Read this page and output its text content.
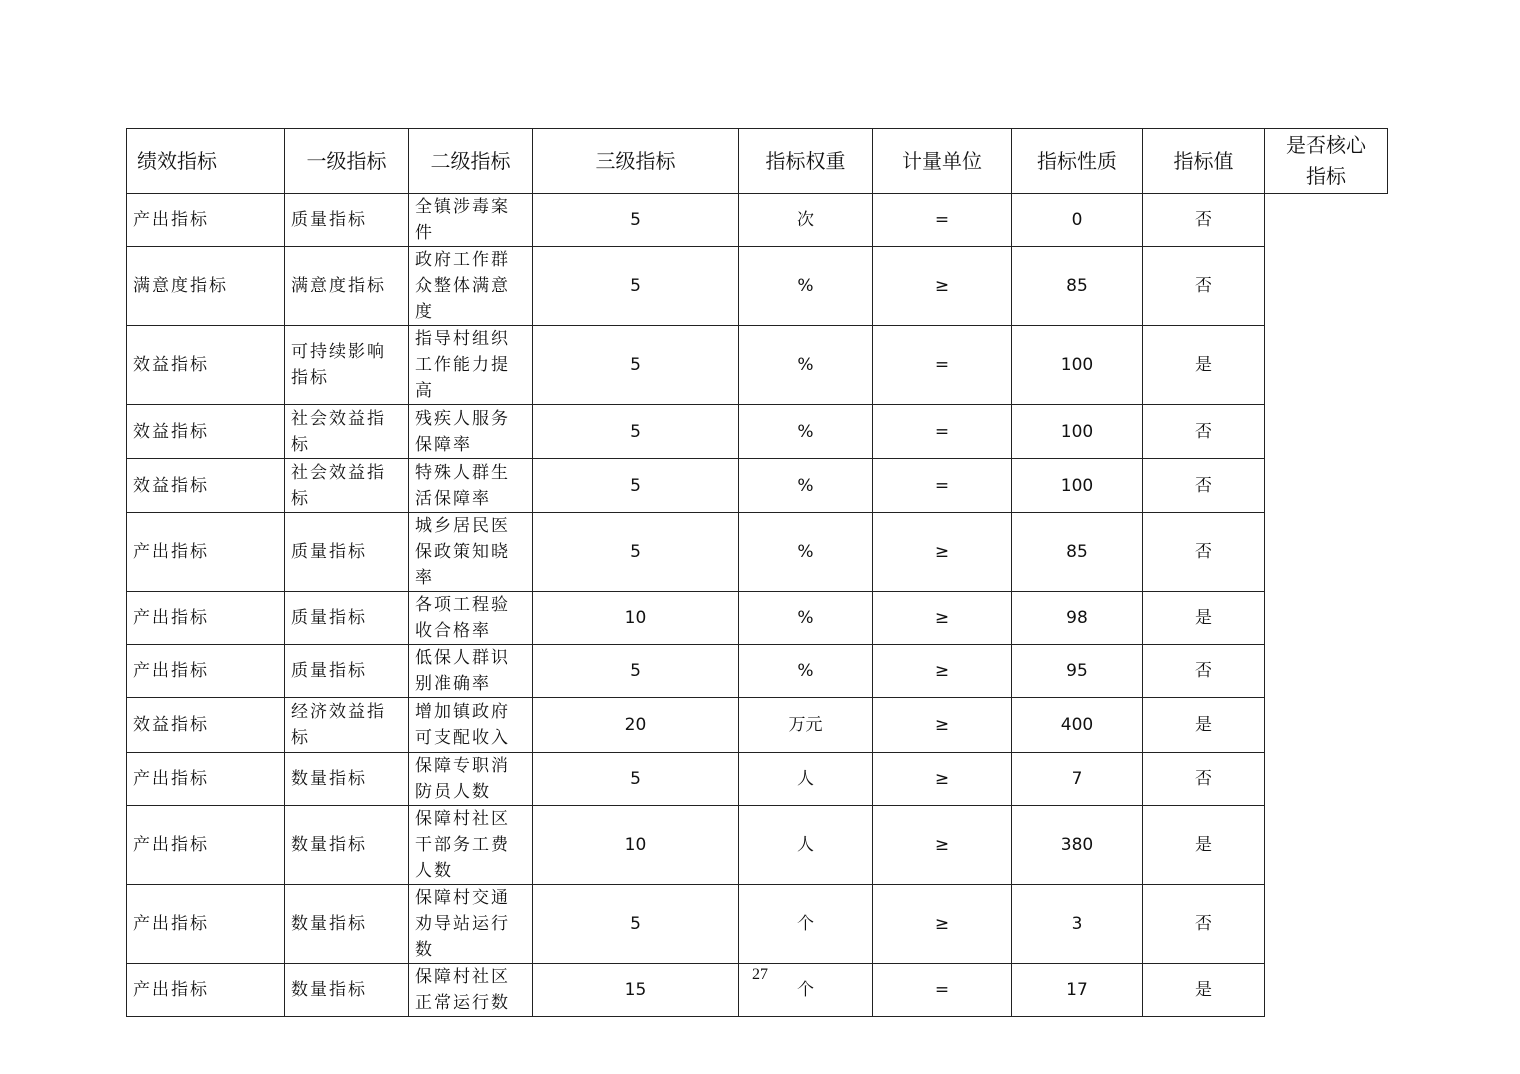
绩效指标	一级指标	二级指标	三级指标	指标权重	计量单位	指标性质	指标值	是否核心
指标
产出指标	质量指标	全镇涉毒案件	5	次	=	0	否	
满意度指标	满意度指标	政府工作群众整体满意度	5	%	≥	85	否	
效益指标	可持续影响指标	指导村组织工作能力提高	5	%	=	100	是	
效益指标	社会效益指标	残疾人服务保障率	5	%	=	100	否	
效益指标	社会效益指标	特殊人群生活保障率	5	%	=	100	否	
产出指标	质量指标	城乡居民医保政策知晓率	5	%	≥	85	否	
产出指标	质量指标	各项工程验收合格率	10	%	≥	98	是	
产出指标	质量指标	低保人群识别准确率	5	%	≥	95	否	
效益指标	经济效益指标	增加镇政府可支配收入	20	万元	≥	400	是	
产出指标	数量指标	保障专职消防员人数	5	人	≥	7	否	
产出指标	数量指标	保障村社区干部务工费人数	10	人	≥	380	是	
产出指标	数量指标	保障村交通劝导站运行数	5	个	≥	3	否	
产出指标	数量指标	保障村社区正常运行数	15	个	=	17	是	
27
